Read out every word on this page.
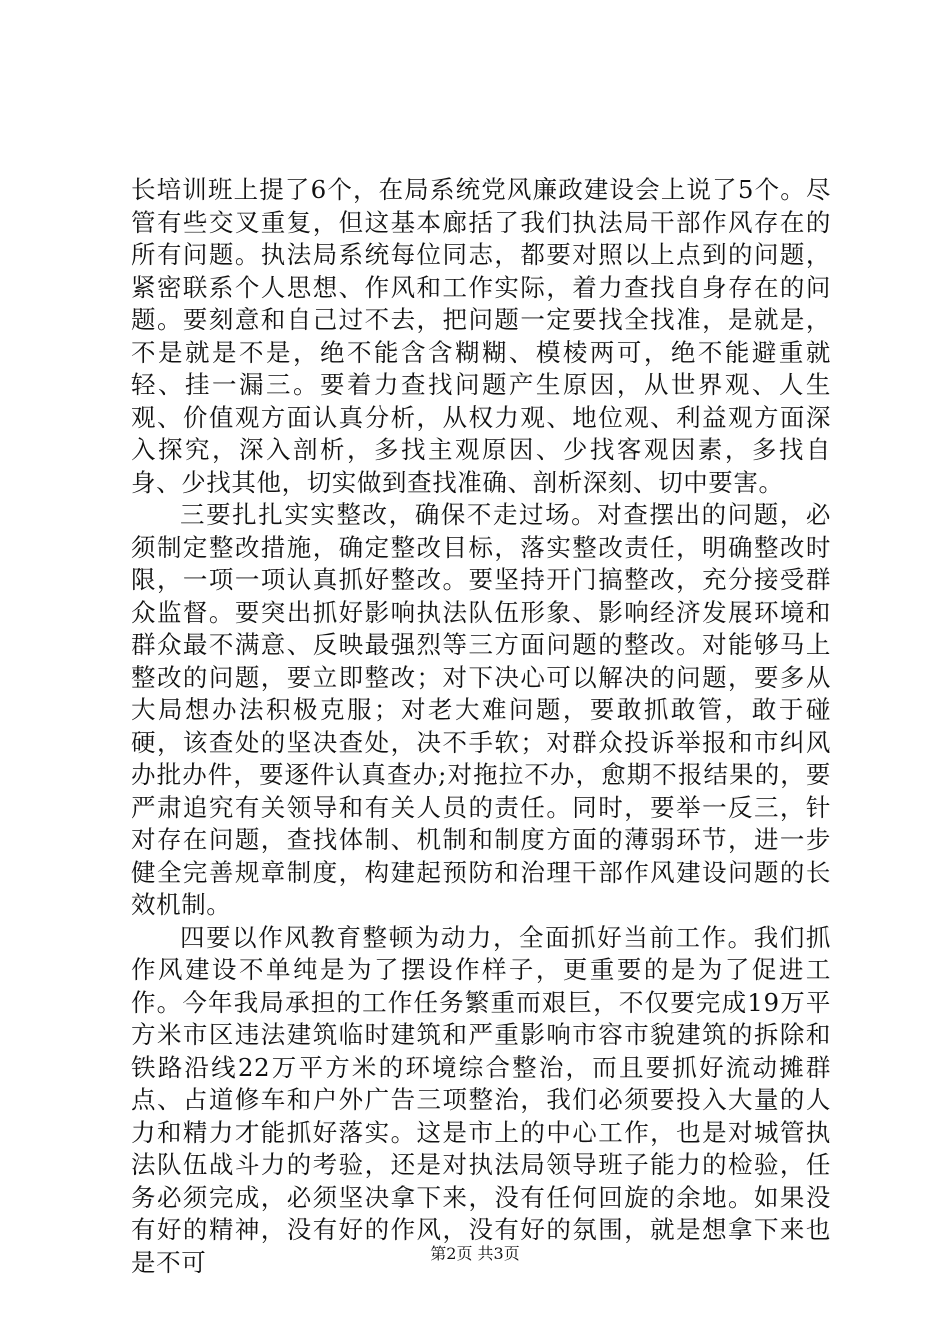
长培训班上提了6个，在局系统党风廉政建设会上说了5个。尽管有些交叉重复，但这基本廊括了我们执法局干部作风存在的所有问题。执法局系统每位同志，都要对照以上点到的问题，紧密联系个人思想、作风和工作实际，着力查找自身存在的问题。要刻意和自己过不去，把问题一定要找全找准，是就是，不是就是不是，绝不能含含糊糊、模棱两可，绝不能避重就轻、挂一漏三。要着力查找问题产生原因，从世界观、人生观、价值观方面认真分析，从权力观、地位观、利益观方面深入探究，深入剖析，多找主观原因、少找客观因素，多找自身、少找其他，切实做到查找准确、剖析深刻、切中要害。

三要扎扎实实整改，确保不走过场。对查摆出的问题，必须制定整改措施，确定整改目标，落实整改责任，明确整改时限，一项一项认真抓好整改。要坚持开门搞整改，充分接受群众监督。要突出抓好影响执法队伍形象、影响经济发展环境和群众最不满意、反映最强烈等三方面问题的整改。对能够马上整改的问题，要立即整改；对下决心可以解决的问题，要多从大局想办法积极克服；对老大难问题，要敢抓敢管，敢于碰硬，该查处的坚决查处，决不手软；对群众投诉举报和市纠风办批办件，要逐件认真查办;对拖拉不办，愈期不报结果的，要严肃追究有关领导和有关人员的责任。同时，要举一反三，针对存在问题，查找体制、机制和制度方面的薄弱环节，进一步健全完善规章制度，构建起预防和治理干部作风建设问题的长效机制。

四要以作风教育整顿为动力，全面抓好当前工作。我们抓作风建设不单纯是为了摆设作样子，更重要的是为了促进工作。今年我局承担的工作任务繁重而艰巨，不仅要完成19万平方米市区违法建筑临时建筑和严重影响市容市貌建筑的拆除和铁路沿线22万平方米的环境综合整治，而且要抓好流动摊群点、占道修车和户外广告三项整治，我们必须要投入大量的人力和精力才能抓好落实。这是市上的中心工作，也是对城管执法队伍战斗力的考验，还是对执法局领导班子能力的检验，任务必须完成，必须坚决拿下来，没有任何回旋的余地。如果没有好的精神，没有好的作风，没有好的氛围，就是想拿下来也是不可	第2页 共3页
